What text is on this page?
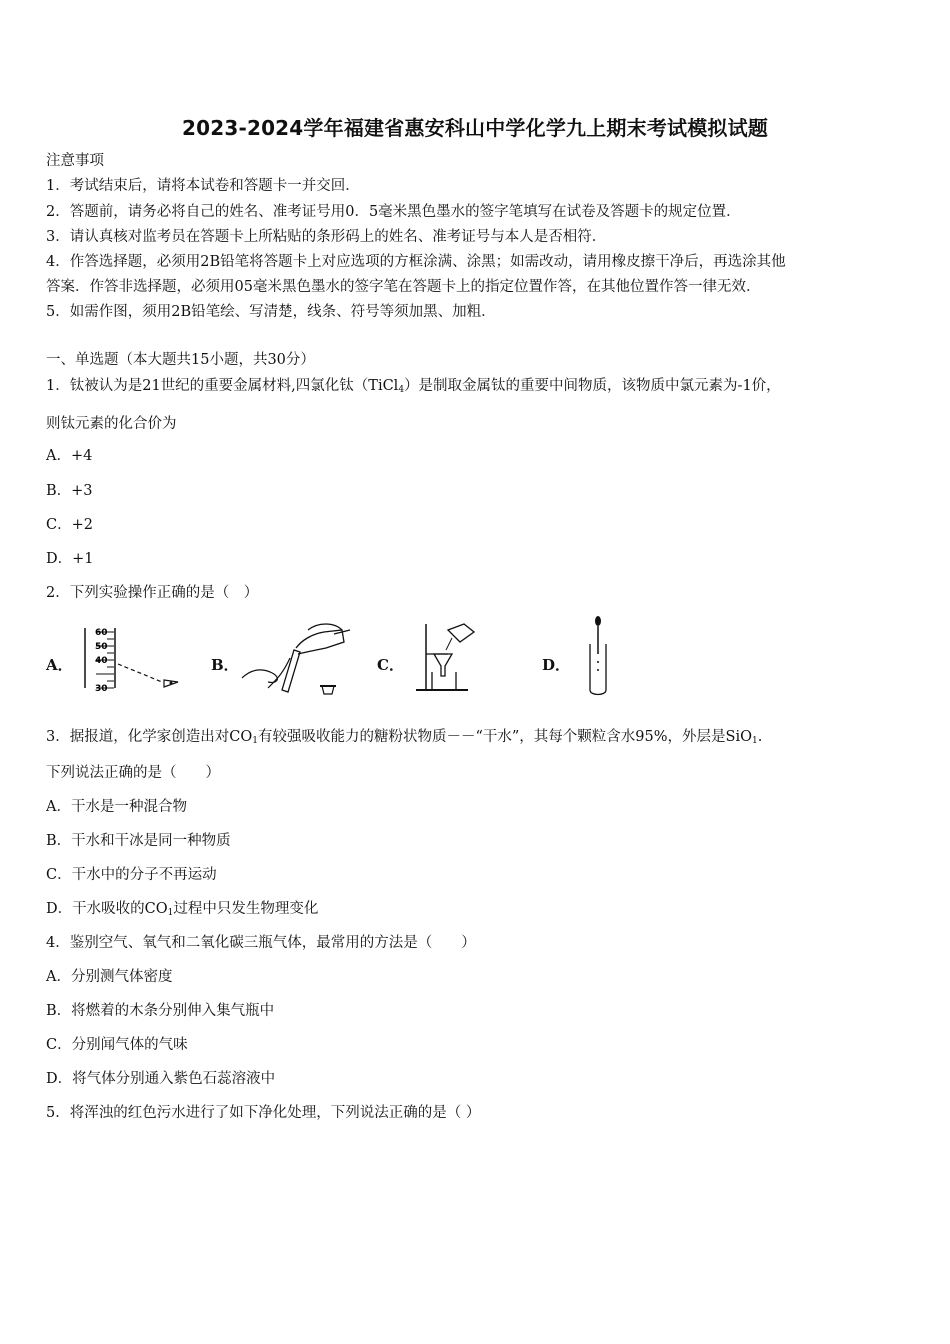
2023-2024学年福建省惠安科山中学化学九上期末考试模拟试题
注意事项
1．考试结束后，请将本试卷和答题卡一并交回．
2．答题前，请务必将自己的姓名、准考证号用0．5毫米黑色墨水的签字笔填写在试卷及答题卡的规定位置．
3．请认真核对监考员在答题卡上所粘贴的条形码上的姓名、准考证号与本人是否相符．
4．作答选择题，必须用2B铅笔将答题卡上对应选项的方框涂满、涂黑；如需改动，请用橡皮擦干净后，再选涂其他
答案．作答非选择题，必须用05毫米黑色墨水的签字笔在答题卡上的指定位置作答，在其他位置作答一律无效．
5．如需作图，须用2B铅笔绘、写清楚，线条、符号等须加黑、加粗．
一、单选题（本大题共15小题，共30分）
1．钛被认为是21世纪的重要金属材料,四氯化钛（TiCl$_4$）是制取金属钛的重要中间物质，该物质中氯元素为-1价，
则钛元素的化合价为
A．+4
B．+3
C．+2
D．+1
2．下列实验操作正确的是（　）
A．
60
50
40
30
B．	C．	D．
3．据报道，化学家创造出对$CO_1$有较强吸收能力的糖粉状物质－－“干水”，其每个颗粒含水95%，外层是SiO$_1$.
下列说法正确的是（　　）
A．干水是一种混合物
B．干水和干冰是同一种物质
C．干水中的分子不再运动
D．干水吸收的$CO_1$过程中只发生物理变化
4．鉴别空气、氧气和二氧化碳三瓶气体，最常用的方法是（　　）
A．分别测气体密度
B．将燃着的木条分别伸入集气瓶中
C．分别闻气体的气味
D．将气体分别通入紫色石蕊溶液中
5．将浑浊的红色污水进行了如下净化处理，下列说法正确的是（ ）
